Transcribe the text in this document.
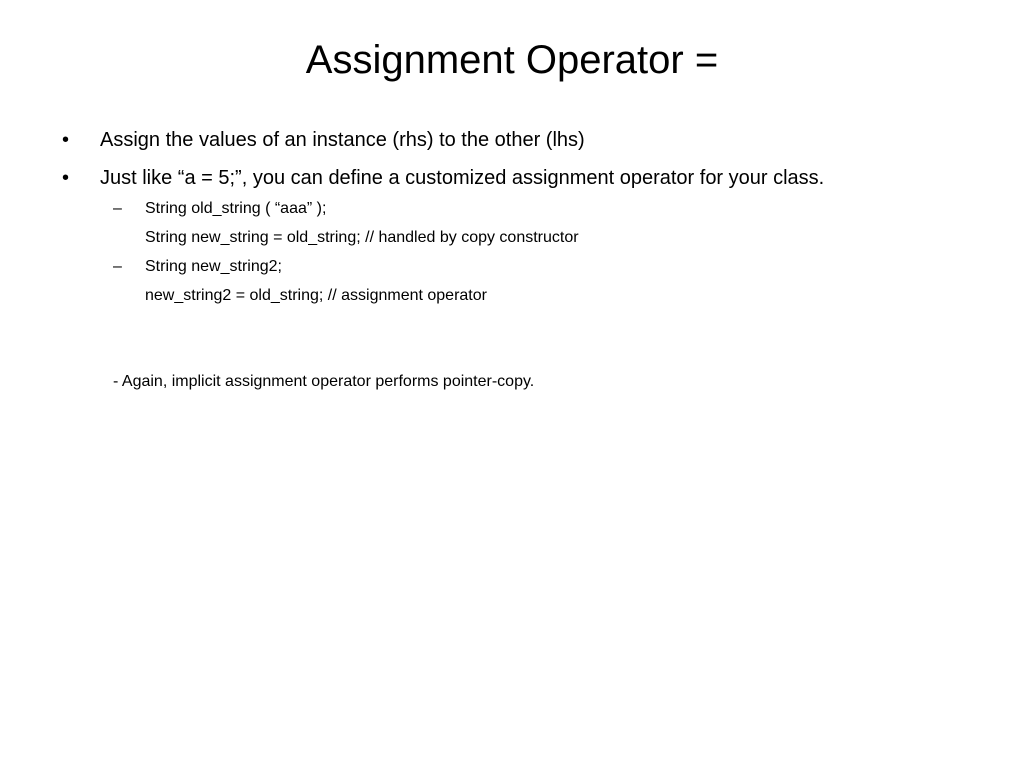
Assignment Operator =
• Assign the values of an instance (rhs) to the other (lhs)
• Just like “a = 5;”, you can define a customized assignment operator for your class.
– String old_string ( “aaa” );
String new_string = old_string; // handled by copy constructor
– String new_string2;
new_string2 = old_string; // assignment operator
- Again, implicit assignment operator performs pointer-copy.
